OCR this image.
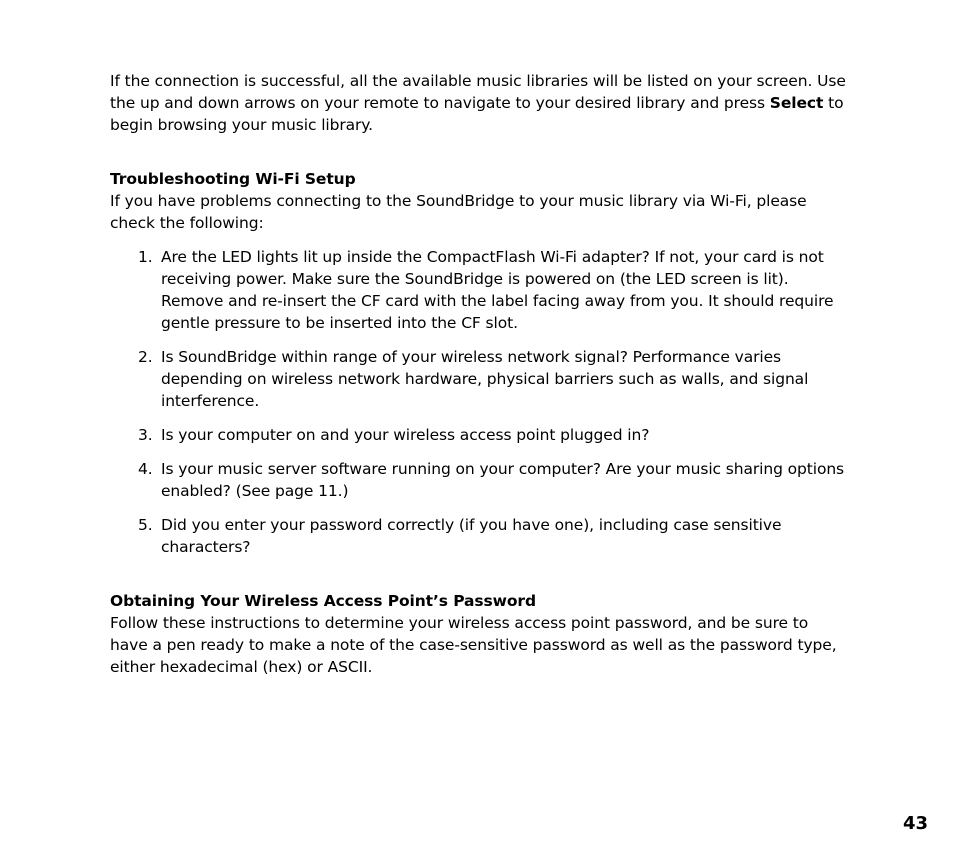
If the connection is successful, all the available music libraries will be listed on your screen. Use the up and down arrows on your remote to navigate to your desired library and press Select to begin browsing your music library.

Troubleshooting Wi-Fi Setup

If you have problems connecting to the SoundBridge to your music library via Wi-Fi, please check the following:

1. Are the LED lights lit up inside the CompactFlash Wi-Fi adapter? If not, your card is not receiving power. Make sure the SoundBridge is powered on (the LED screen is lit). Remove and re-insert the CF card with the label facing away from you. It should require gentle pressure to be inserted into the CF slot.
2. Is SoundBridge within range of your wireless network signal? Performance varies depending on wireless network hardware, physical barriers such as walls, and signal interference.
3. Is your computer on and your wireless access point plugged in?
4. Is your music server software running on your computer? Are your music sharing options enabled? (See page 11.)
5. Did you enter your password correctly (if you have one), including case sensitive characters?
Obtaining Your Wireless Access Point’s Password

Follow these instructions to determine your wireless access point password, and be sure to have a pen ready to make a note of the case-sensitive password as well as the password type, either hexadecimal (hex) or ASCII.

43
